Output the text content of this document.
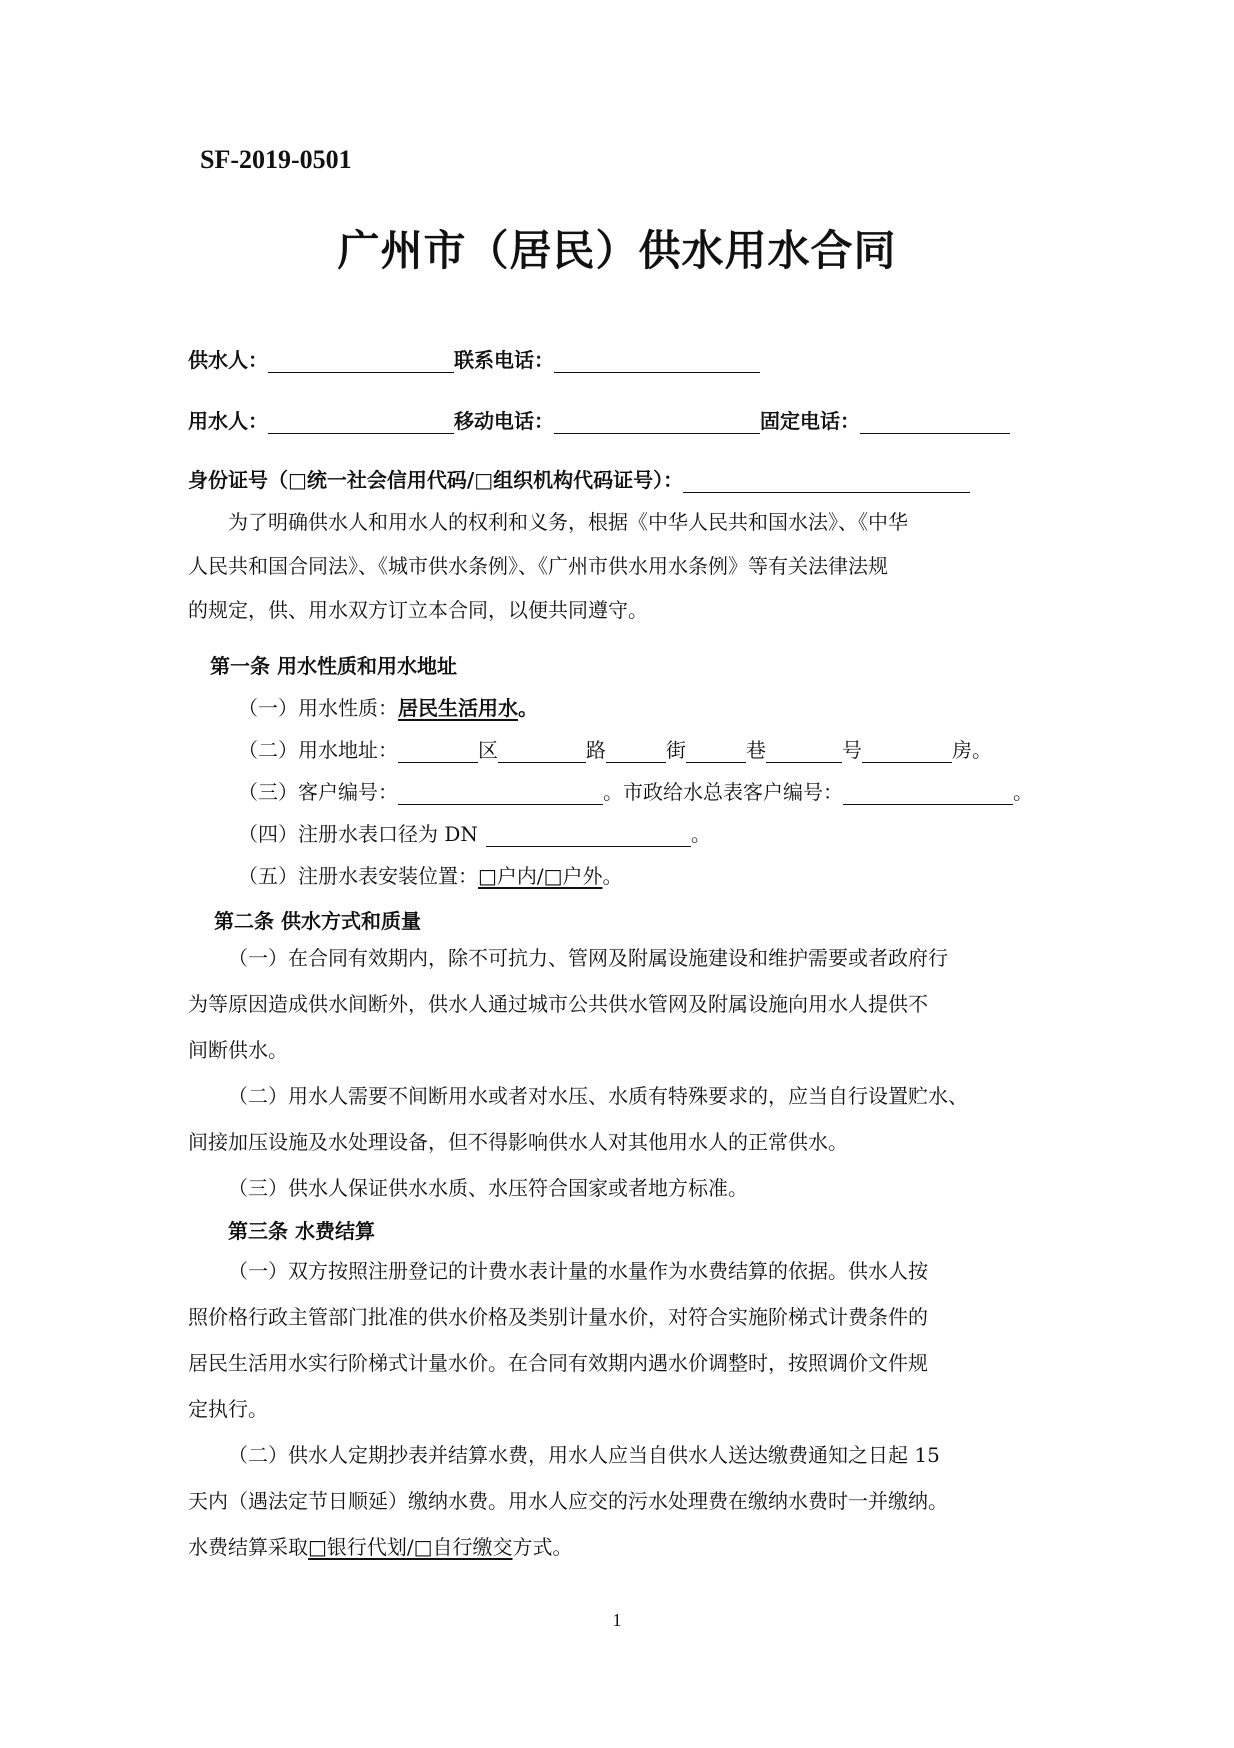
SF-2019-0501
广州市（居民）供水用水合同
供水人：	联系电话：
用水人：	移动电话：	固定电话：
身份证号（□统一社会信用代码/□组织机构代码证号）：
为了明确供水人和用水人的权利和义务，根据《中华人民共和国水法》、《中华
人民共和国合同法》、《城市供水条例》、《广州市供水用水条例》等有关法律法规
的规定，供、用水双方订立本合同，以便共同遵守。
第一条 用水性质和用水地址
（一）用水性质：居民生活用水。
（二）用水地址：	区	路	街	巷	号	房。
（三）客户编号：	。市政给水总表客户编号：	。
（四）注册水表口径为 DN	。
（五）注册水表安装位置：□户内/□户外。
第二条 供水方式和质量
（一）在合同有效期内，除不可抗力、管网及附属设施建设和维护需要或者政府行
为等原因造成供水间断外，供水人通过城市公共供水管网及附属设施向用水人提供不
间断供水。
（二）用水人需要不间断用水或者对水压、水质有特殊要求的，应当自行设置贮水、
间接加压设施及水处理设备，但不得影响供水人对其他用水人的正常供水。
（三）供水人保证供水水质、水压符合国家或者地方标准。
第三条 水费结算
（一）双方按照注册登记的计费水表计量的水量作为水费结算的依据。供水人按
照价格行政主管部门批准的供水价格及类别计量水价，对符合实施阶梯式计费条件的
居民生活用水实行阶梯式计量水价。在合同有效期内遇水价调整时，按照调价文件规
定执行。
（二）供水人定期抄表并结算水费，用水人应当自供水人送达缴费通知之日起 15
天内（遇法定节日顺延）缴纳水费。用水人应交的污水处理费在缴纳水费时一并缴纳。
水费结算采取□银行代划/□自行缴交方式。
1
